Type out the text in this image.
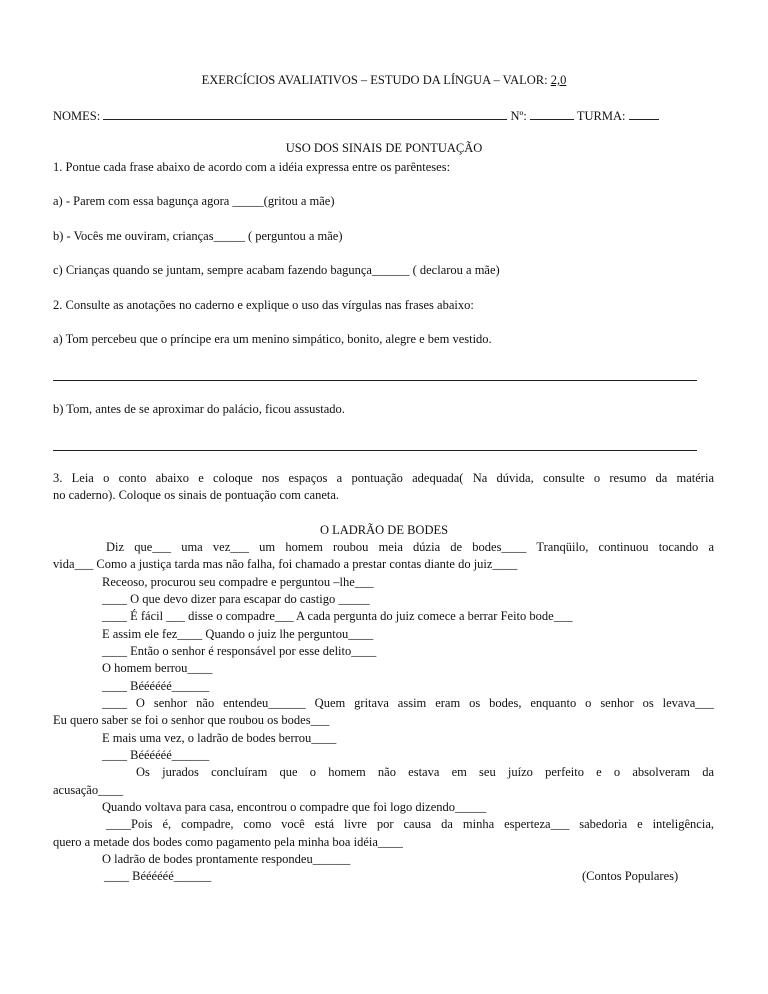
EXERCÍCIOS AVALIATIVOS – ESTUDO DA LÍNGUA – VALOR: 2,0
NOMES:	Nº:	TURMA:
USO DOS SINAIS DE PONTUAÇÃO
1. Pontue cada frase abaixo de acordo com a idéia expressa entre os parênteses:
a) - Parem com essa bagunça agora _____(gritou a mãe)
b) - Vocês me ouviram, crianças_____ ( perguntou a mãe)
c) Crianças quando se juntam, sempre acabam fazendo bagunça______ ( declarou a mãe)
2. Consulte as anotações no caderno e explique o uso das vírgulas nas frases abaixo:
a) Tom percebeu que o príncipe era um menino simpático, bonito, alegre e bem vestido.
b) Tom, antes de se aproximar do palácio, ficou assustado.
3. Leia o conto abaixo e coloque nos espaços a pontuação adequada( Na dúvida, consulte o resumo da matéria
no caderno). Coloque os sinais de pontuação com caneta.
O LADRÃO DE BODES
Diz que___ uma vez___ um homem roubou meia dúzia de bodes____ Tranqüilo, continuou tocando a
vida___ Como a justiça tarda mas não falha, foi chamado a prestar contas diante do juiz____
Receoso, procurou seu compadre e perguntou –lhe___
____ O que devo dizer para escapar do castigo _____
____ É fácil ___ disse o compadre___ A cada pergunta do juiz comece a berrar Feito bode___
E assim ele fez____ Quando o juiz lhe perguntou____
____ Então o senhor é responsável por esse delito____
O homem berrou____
____ Béééééé______
____ O senhor não entendeu______ Quem gritava assim eram os bodes, enquanto o senhor os levava___
Eu quero saber se foi o senhor que roubou os bodes___
E mais uma vez, o ladrão de bodes berrou____
____ Béééééé______
Os jurados concluíram que o homem não estava em seu juízo perfeito e o absolveram da
acusação____
Quando voltava para casa, encontrou o compadre que foi logo dizendo_____
____Pois é, compadre, como você está livre por causa da minha esperteza___ sabedoria e inteligência,
quero a metade dos bodes como pagamento pela minha boa idéia____
O ladrão de bodes prontamente respondeu______
____ Béééééé______	(Contos Populares)
